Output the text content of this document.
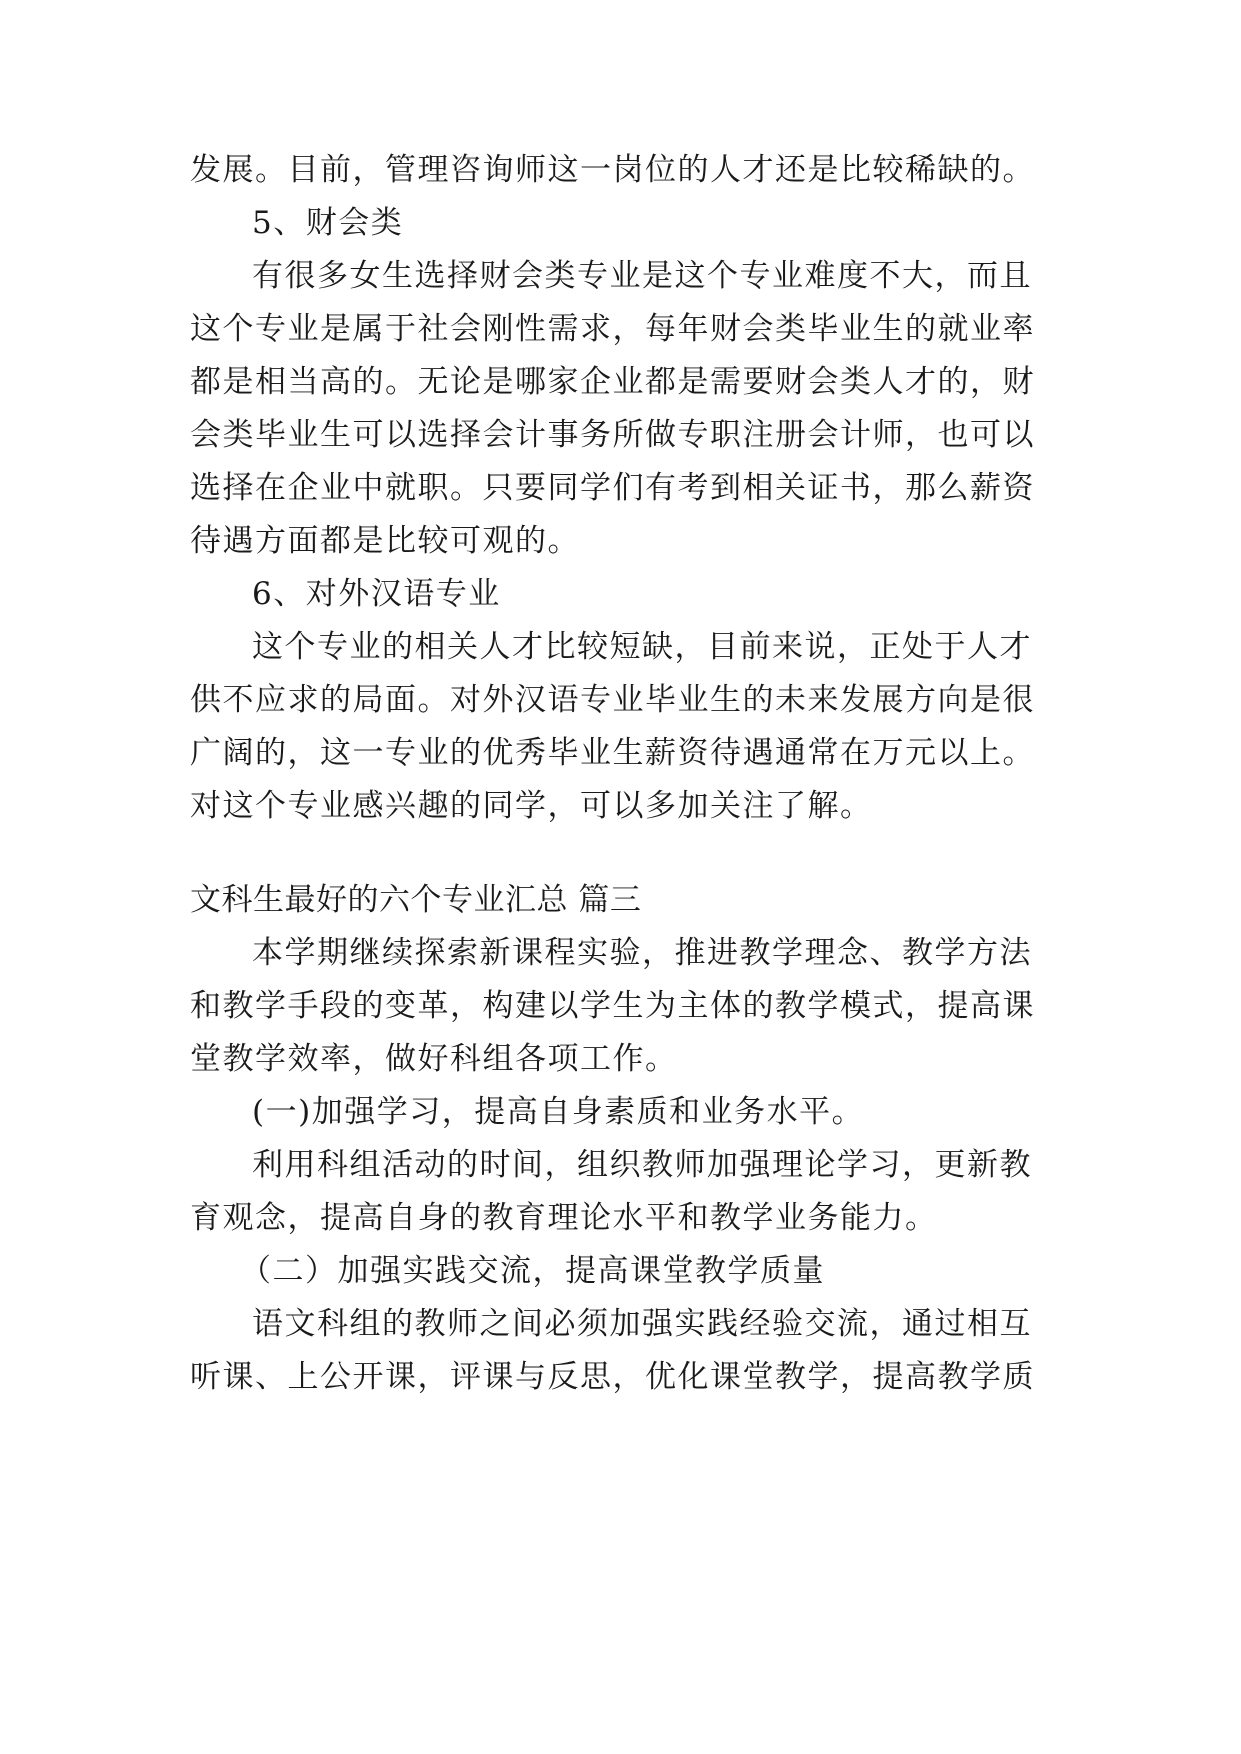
发展。目前，管理咨询师这一岗位的人才还是比较稀缺的。
5、财会类
有很多女生选择财会类专业是这个专业难度不大，而且
这个专业是属于社会刚性需求，每年财会类毕业生的就业率
都是相当高的。无论是哪家企业都是需要财会类人才的，财
会类毕业生可以选择会计事务所做专职注册会计师，也可以
选择在企业中就职。只要同学们有考到相关证书，那么薪资
待遇方面都是比较可观的。
6、对外汉语专业
这个专业的相关人才比较短缺，目前来说，正处于人才
供不应求的局面。对外汉语专业毕业生的未来发展方向是很
广阔的，这一专业的优秀毕业生薪资待遇通常在万元以上。
对这个专业感兴趣的同学，可以多加关注了解。
文科生最好的六个专业汇总 篇三
本学期继续探索新课程实验，推进教学理念、教学方法
和教学手段的变革，构建以学生为主体的教学模式，提高课
堂教学效率，做好科组各项工作。
(一)加强学习，提高自身素质和业务水平。
利用科组活动的时间，组织教师加强理论学习，更新教
育观念，提高自身的教育理论水平和教学业务能力。
（二）加强实践交流，提高课堂教学质量
语文科组的教师之间必须加强实践经验交流，通过相互
听课、上公开课，评课与反思，优化课堂教学，提高教学质
